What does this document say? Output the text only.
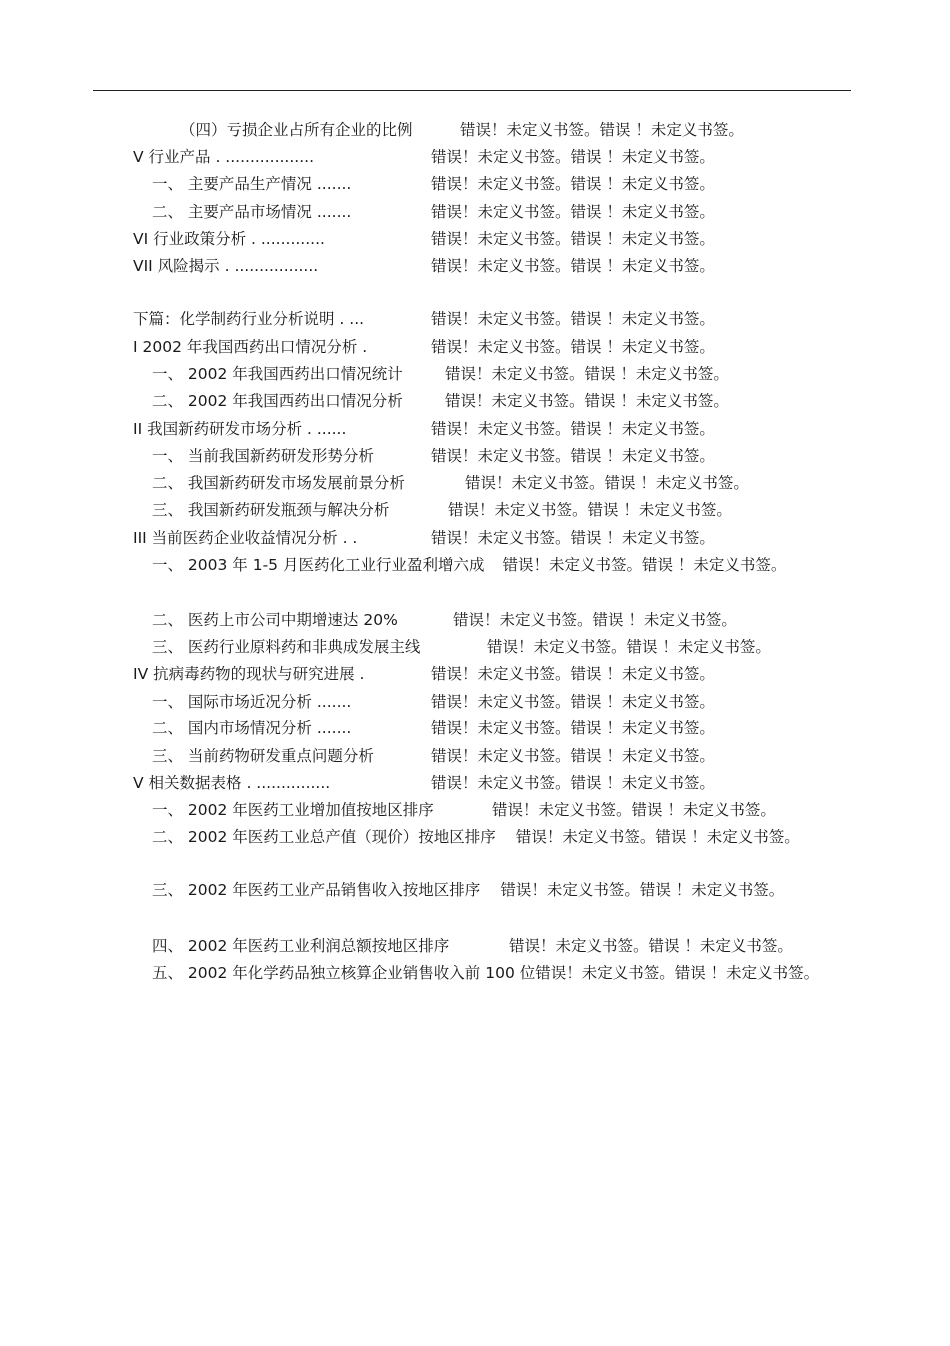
（四）亏损企业占所有企业的比例	错误！未定义书签。错误 ！未定义书签。
V 行业产品 . ..................	错误！未定义书签。错误 ！未定义书签。
一、 主要产品生产情况 .......	错误！未定义书签。错误 ！未定义书签。
二、 主要产品市场情况 .......	错误！未定义书签。错误 ！未定义书签。
VI 行业政策分析 . .............	错误！未定义书签。错误 ！未定义书签。
VII 风险揭示 . .................	错误！未定义书签。错误 ！未定义书签。
下篇：化学制药行业分析说明 . ...	错误！未定义书签。错误 ！未定义书签。
I 2002 年我国西药出口情况分析 .	错误！未定义书签。错误 ！未定义书签。
一、 2002 年我国西药出口情况统计	错误！未定义书签。错误 ！未定义书签。
二、 2002 年我国西药出口情况分析	错误！未定义书签。错误 ！未定义书签。
II 我国新药研发市场分析 . ......	错误！未定义书签。错误 ！未定义书签。
一、 当前我国新药研发形势分析	错误！未定义书签。错误 ！未定义书签。
二、 我国新药研发市场发展前景分析	错误！未定义书签。错误 ！未定义书签。
三、 我国新药研发瓶颈与解决分析	错误！未定义书签。错误 ！未定义书签。
III 当前医药企业收益情况分析 . .	错误！未定义书签。错误 ！未定义书签。
一、 2003 年 1-5 月医药化工业行业盈利增六成 错误！未定义书签。错误 ！未定义书签。
二、 医药上市公司中期增速达 20%	错误！未定义书签。错误 ！未定义书签。
三、 医药行业原料药和非典成发展主线	错误！未定义书签。错误 ！未定义书签。
IV 抗病毒药物的现状与研究进展 .	错误！未定义书签。错误 ！未定义书签。
一、 国际市场近况分析 .......	错误！未定义书签。错误 ！未定义书签。
二、 国内市场情况分析 .......	错误！未定义书签。错误 ！未定义书签。
三、 当前药物研发重点问题分析	错误！未定义书签。错误 ！未定义书签。
V 相关数据表格 . ...............	错误！未定义书签。错误 ！未定义书签。
一、 2002 年医药工业增加值按地区排序	错误！未定义书签。错误 ！未定义书签。
二、 2002 年医药工业总产值（现价）按地区排序 错误！未定义书签。错误 ！未定义书签。
三、 2002 年医药工业产品销售收入按地区排序 错误！未定义书签。错误 ！未定义书签。
四、 2002 年医药工业利润总额按地区排序	错误！未定义书签。错误 ！未定义书签。
五、 2002 年化学药品独立核算企业销售收入前 100 位错误！未定义书签。错误 ！未定义书签。
